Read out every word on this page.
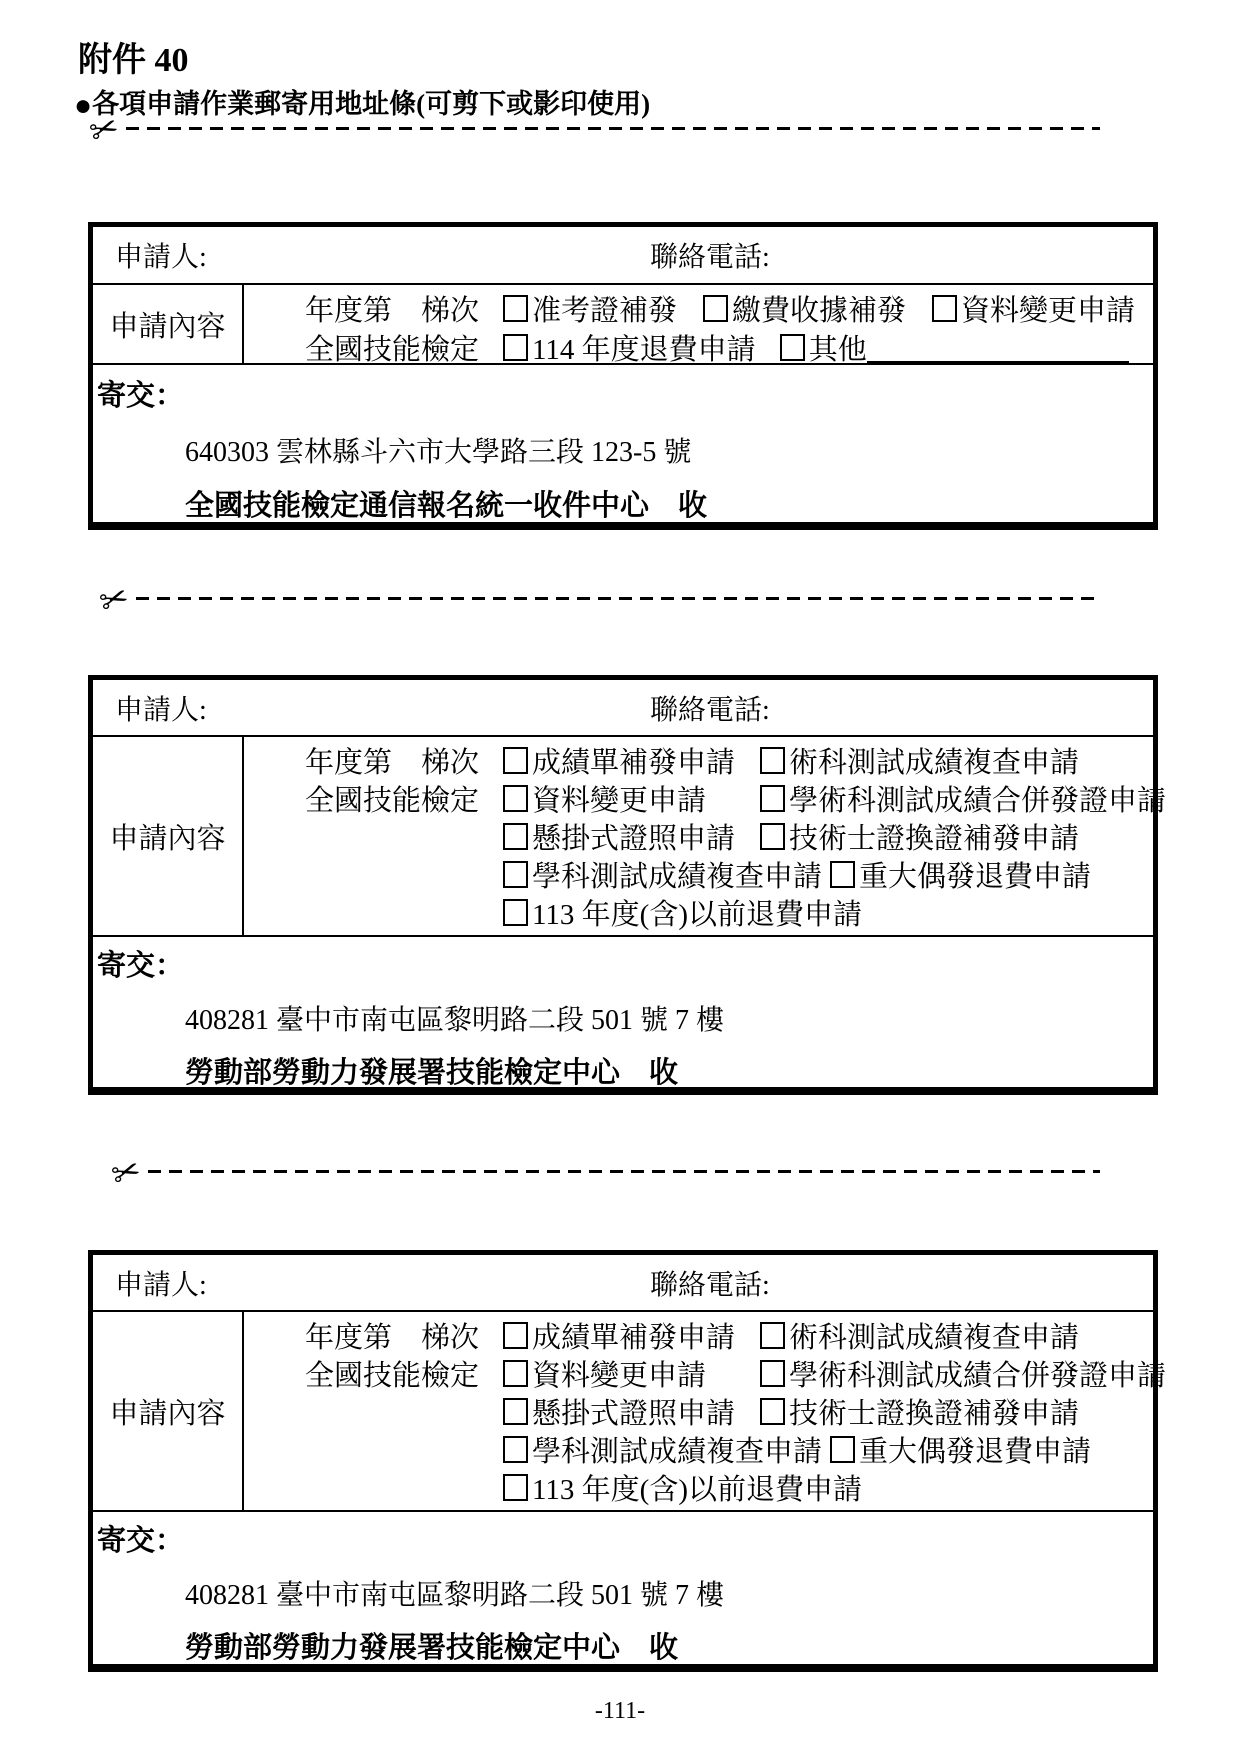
附件 40
●各項申請作業郵寄用地址條(可剪下或影印使用)
✂
申請人:	聯絡電話:
申請內容	年度第　梯次	准考證補發 繳費收據補發 資料變更申請
全國技能檢定	114 年度退費申請 其他
寄交：
640303 雲林縣斗六市大學路三段 123-5 號
全國技能檢定通信報名統一收件中心　收
✂
申請人:	聯絡電話:
申請內容
年度第　梯次	成績單補發申請 術科測試成績複查申請
全國技能檢定	資料變更申請	學術科測試成績合併發證申請
懸掛式證照申請 技術士證換證補發申請
學科測試成績複查申請 重大偶發退費申請
113 年度(含)以前退費申請
寄交：
408281 臺中市南屯區黎明路二段 501 號 7 樓
勞動部勞動力發展署技能檢定中心　收
✂
申請人:	聯絡電話:
申請內容
年度第　梯次	成績單補發申請 術科測試成績複查申請
全國技能檢定	資料變更申請	學術科測試成績合併發證申請
懸掛式證照申請 技術士證換證補發申請
學科測試成績複查申請 重大偶發退費申請
113 年度(含)以前退費申請
寄交：
408281 臺中市南屯區黎明路二段 501 號 7 樓
勞動部勞動力發展署技能檢定中心　收
-111-
